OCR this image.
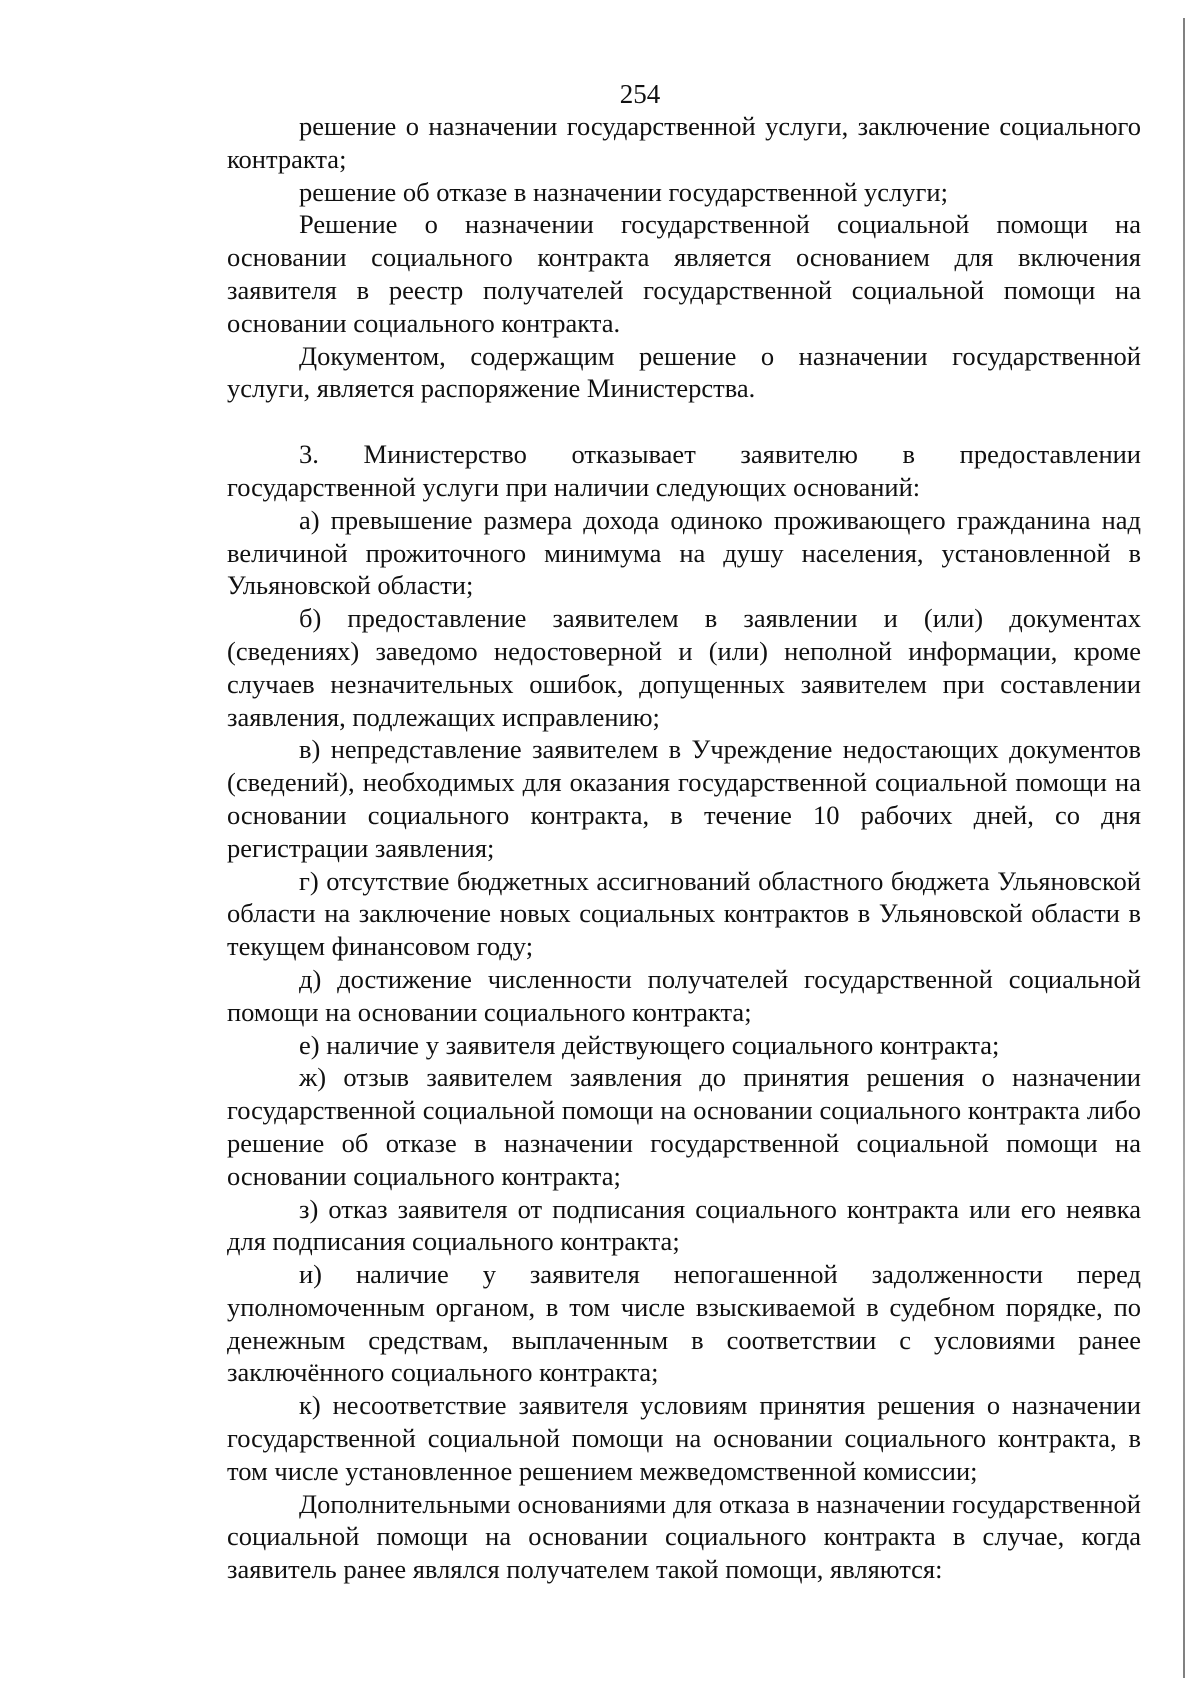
254

решение о назначении государственной услуги, заключение социального контракта;

решение об отказе в назначении государственной услуги;

Решение о назначении государственной социальной помощи на основании социального контракта является основанием для включения заявителя в реестр получателей государственной социальной помощи на основании социального контракта.

Документом, содержащим решение о назначении государственной услуги, является распоряжение Министерства.

3. Министерство отказывает заявителю в предоставлении государственной услуги при наличии следующих оснований:

а) превышение размера дохода одиноко проживающего гражданина над величиной прожиточного минимума на душу населения, установленной в Ульяновской области;

б) предоставление заявителем в заявлении и (или) документах (сведениях) заведомо недостоверной и (или) неполной информации, кроме случаев незначительных ошибок, допущенных заявителем при составлении заявления, подлежащих исправлению;

в) непредставление заявителем в Учреждение недостающих документов (сведений), необходимых для оказания государственной социальной помощи на основании социального контракта, в течение 10 рабочих дней, со дня регистрации заявления;

г) отсутствие бюджетных ассигнований областного бюджета Ульяновской области на заключение новых социальных контрактов в Ульяновской области в текущем финансовом году;

д) достижение численности получателей государственной социальной помощи на основании социального контракта;

е) наличие у заявителя действующего социального контракта;

ж) отзыв заявителем заявления до принятия решения о назначении государственной социальной помощи на основании социального контракта либо решение об отказе в назначении государственной социальной помощи на основании социального контракта;

з) отказ заявителя от подписания социального контракта или его неявка для подписания социального контракта;

и) наличие у заявителя непогашенной задолженности перед уполномоченным органом, в том числе взыскиваемой в судебном порядке, по денежным средствам, выплаченным в соответствии с условиями ранее заключённого социального контракта;

к) несоответствие заявителя условиям принятия решения о назначении государственной социальной помощи на основании социального контракта, в том числе установленное решением межведомственной комиссии;

Дополнительными основаниями для отказа в назначении государственной социальной помощи на основании социального контракта в случае, когда заявитель ранее являлся получателем такой помощи, являются:
